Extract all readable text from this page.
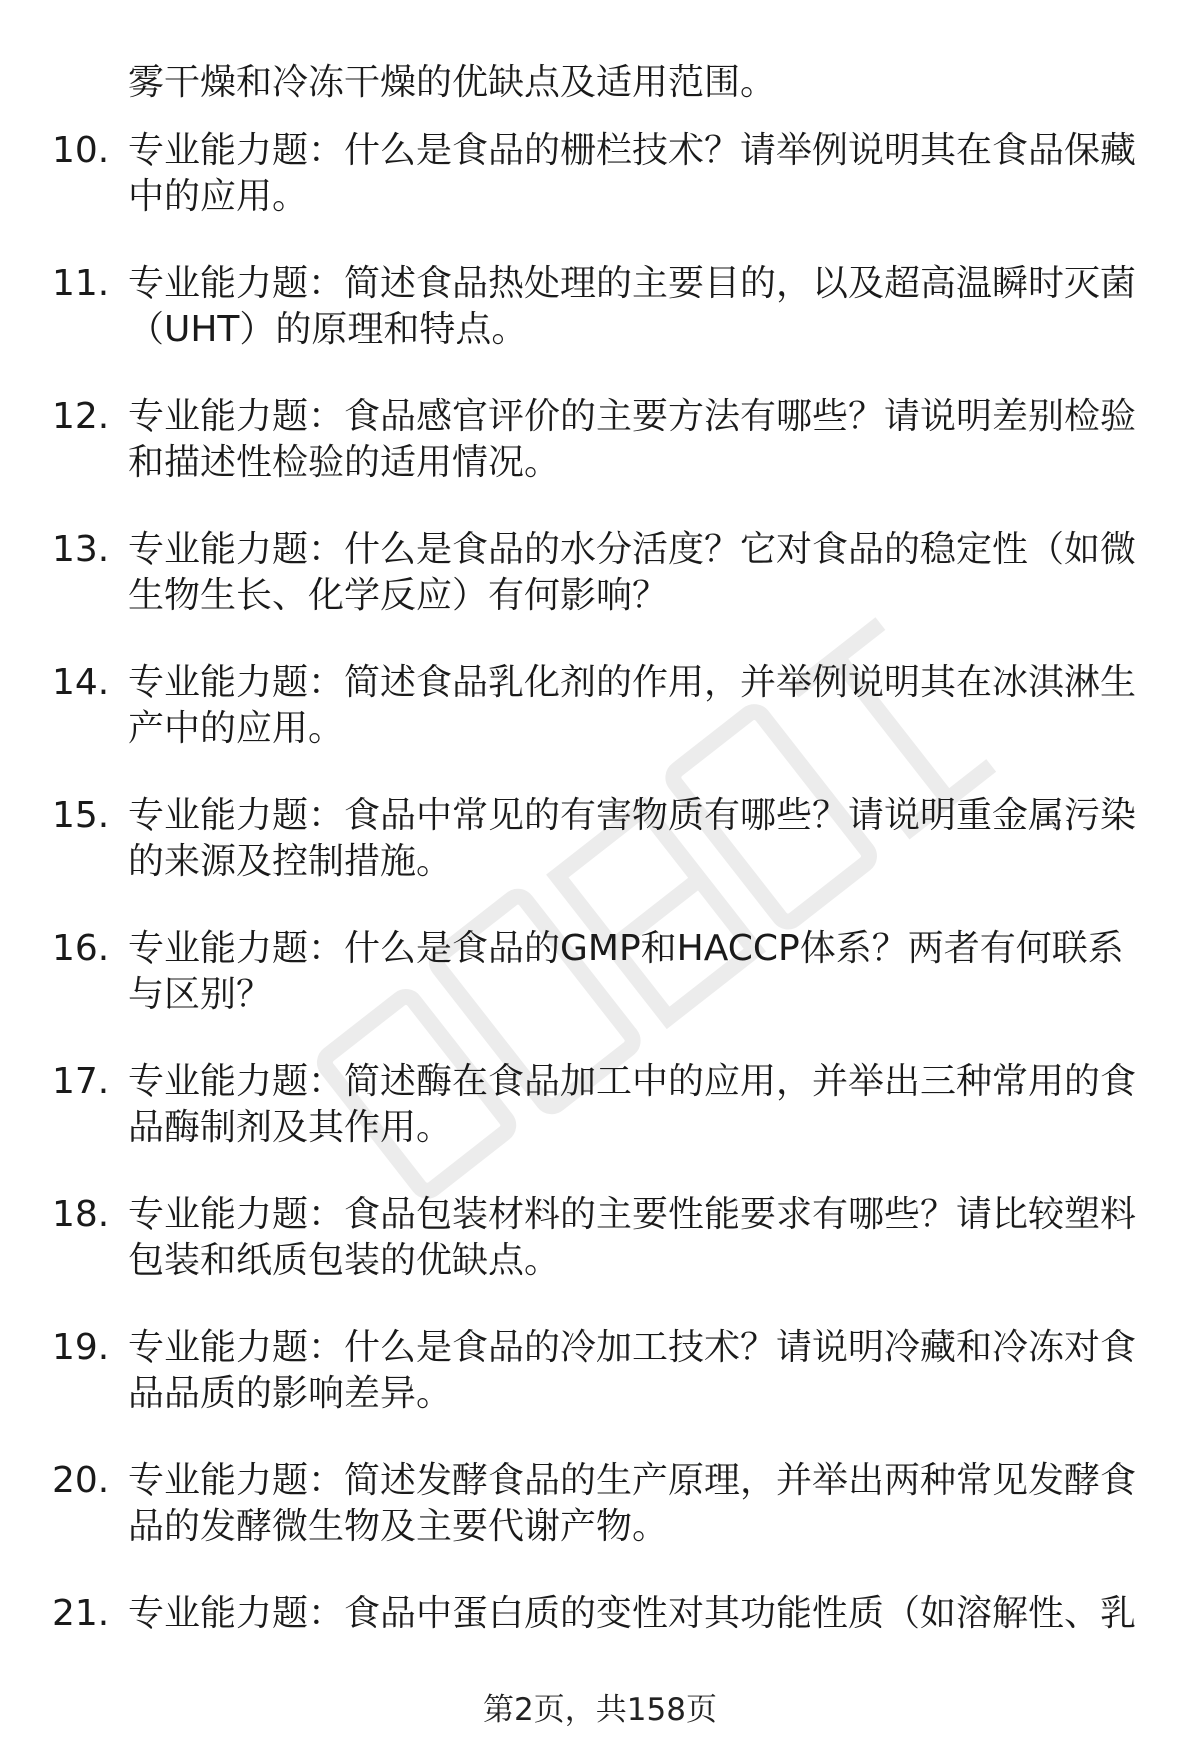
雾干燥和冷冻干燥的优缺点及适用范围。
10. 专业能力题：什么是食品的栅栏技术？请举例说明其在食品保藏
中的应用。
11. 专业能力题：简述食品热处理的主要目的，以及超高温瞬时灭菌
（UHT）的原理和特点。
12. 专业能力题：食品感官评价的主要方法有哪些？请说明差别检验
和描述性检验的适用情况。
13. 专业能力题：什么是食品的水分活度？它对食品的稳定性（如微
生物生长、化学反应）有何影响？
14. 专业能力题：简述食品乳化剂的作用，并举例说明其在冰淇淋生
产中的应用。
15. 专业能力题：食品中常见的有害物质有哪些？请说明重金属污染
的来源及控制措施。
16. 专业能力题：什么是食品的GMP和HACCP体系？两者有何联系
与区别？
17. 专业能力题：简述酶在食品加工中的应用，并举出三种常用的食
品酶制剂及其作用。
18. 专业能力题：食品包装材料的主要性能要求有哪些？请比较塑料
包装和纸质包装的优缺点。
19. 专业能力题：什么是食品的冷加工技术？请说明冷藏和冷冻对食
品品质的影响差异。
20. 专业能力题：简述发酵食品的生产原理，并举出两种常见发酵食
品的发酵微生物及主要代谢产物。
21. 专业能力题：食品中蛋白质的变性对其功能性质（如溶解性、乳
第2页，共158页
